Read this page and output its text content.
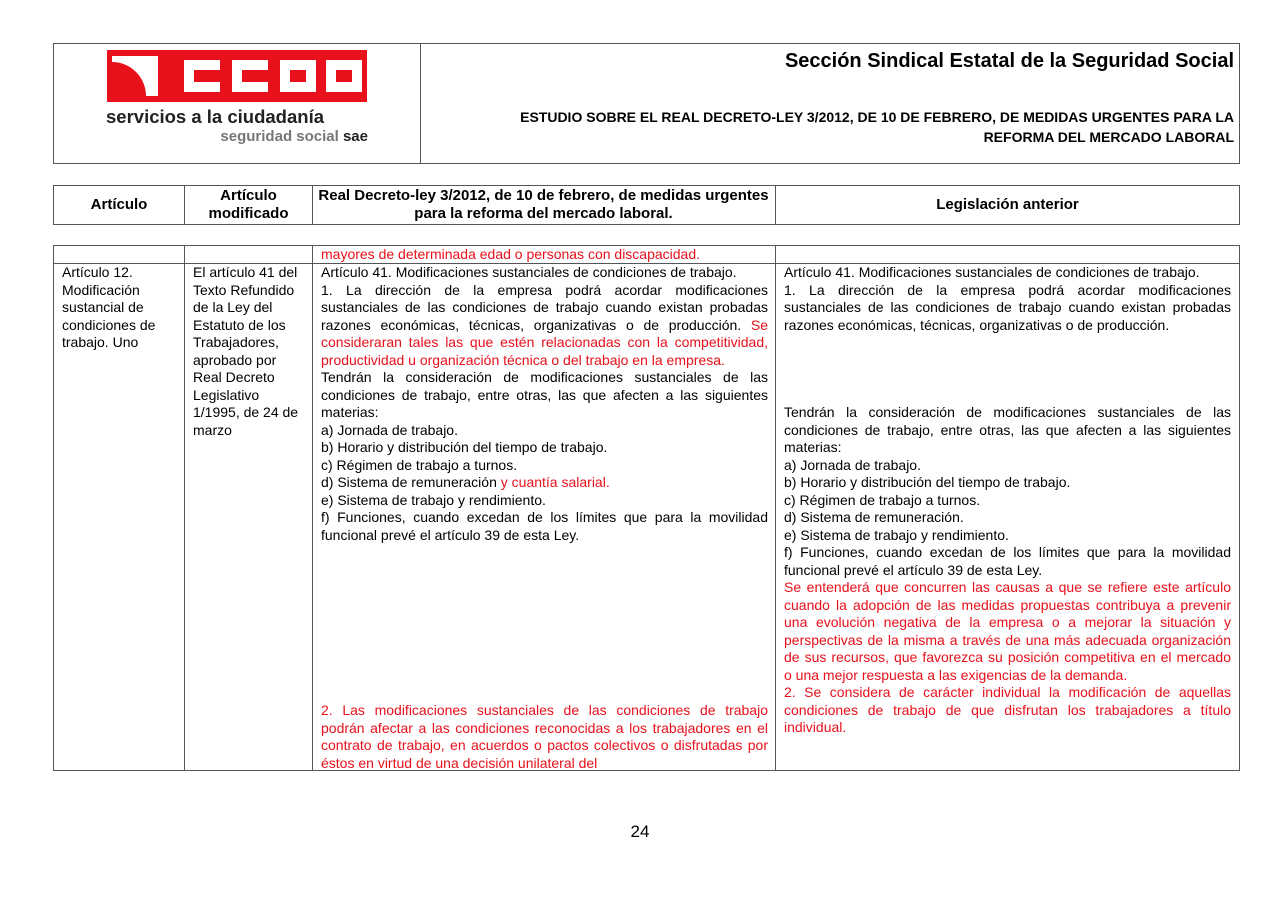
servicios a la ciudadanía
seguridad social sae
Sección Sindical Estatal de la Seguridad Social
ESTUDIO SOBRE EL REAL DECRETO-LEY 3/2012, DE 10 DE FEBRERO, DE MEDIDAS URGENTES PARA LA
REFORMA DEL MERCADO LABORAL
Artículo
Artículo modificado
Real Decreto-ley 3/2012, de 10 de febrero, de medidas urgentes para la reforma del mercado laboral.
Legislación anterior
mayores de determinada edad o personas con discapacidad.
Artículo 12. Modificación sustancial de condiciones de trabajo. Uno
El artículo 41 del Texto Refundido de la Ley del Estatuto de los Trabajadores, aprobado por Real Decreto Legislativo 1/1995, de 24 de marzo
Artículo 41. Modificaciones sustanciales de condiciones de trabajo.
1. La dirección de la empresa podrá acordar modificaciones sustanciales de las condiciones de trabajo cuando existan probadas razones económicas, técnicas, organizativas o de producción. Se consideraran tales las que estén relacionadas con la competitividad, productividad u organización técnica o del trabajo en la empresa.
Tendrán la consideración de modificaciones sustanciales de las condiciones de trabajo, entre otras, las que afecten a las siguientes materias:
a) Jornada de trabajo.
b) Horario y distribución del tiempo de trabajo.
c) Régimen de trabajo a turnos.
d) Sistema de remuneración y cuantía salarial.
e) Sistema de trabajo y rendimiento.
f) Funciones, cuando excedan de los límites que para la movilidad funcional prevé el artículo 39 de esta Ley.
2. Las modificaciones sustanciales de las condiciones de trabajo podrán afectar a las condiciones reconocidas a los trabajadores en el contrato de trabajo, en acuerdos o pactos colectivos o disfrutadas por éstos en virtud de una decisión unilateral del
Artículo 41. Modificaciones sustanciales de condiciones de trabajo.
1. La dirección de la empresa podrá acordar modificaciones sustanciales de las condiciones de trabajo cuando existan probadas razones económicas, técnicas, organizativas o de producción.
Tendrán la consideración de modificaciones sustanciales de las condiciones de trabajo, entre otras, las que afecten a las siguientes materias:
a) Jornada de trabajo.
b) Horario y distribución del tiempo de trabajo.
c) Régimen de trabajo a turnos.
d) Sistema de remuneración.
e) Sistema de trabajo y rendimiento.
f) Funciones, cuando excedan de los límites que para la movilidad funcional prevé el artículo 39 de esta Ley.
Se entenderá que concurren las causas a que se refiere este artículo cuando la adopción de las medidas propuestas contribuya a prevenir una evolución negativa de la empresa o a mejorar la situación y perspectivas de la misma a través de una más adecuada organización de sus recursos, que favorezca su posición competitiva en el mercado o una mejor respuesta a las exigencias de la demanda.
2. Se considera de carácter individual la modificación de aquellas condiciones de trabajo de que disfrutan los trabajadores a título individual.
24
